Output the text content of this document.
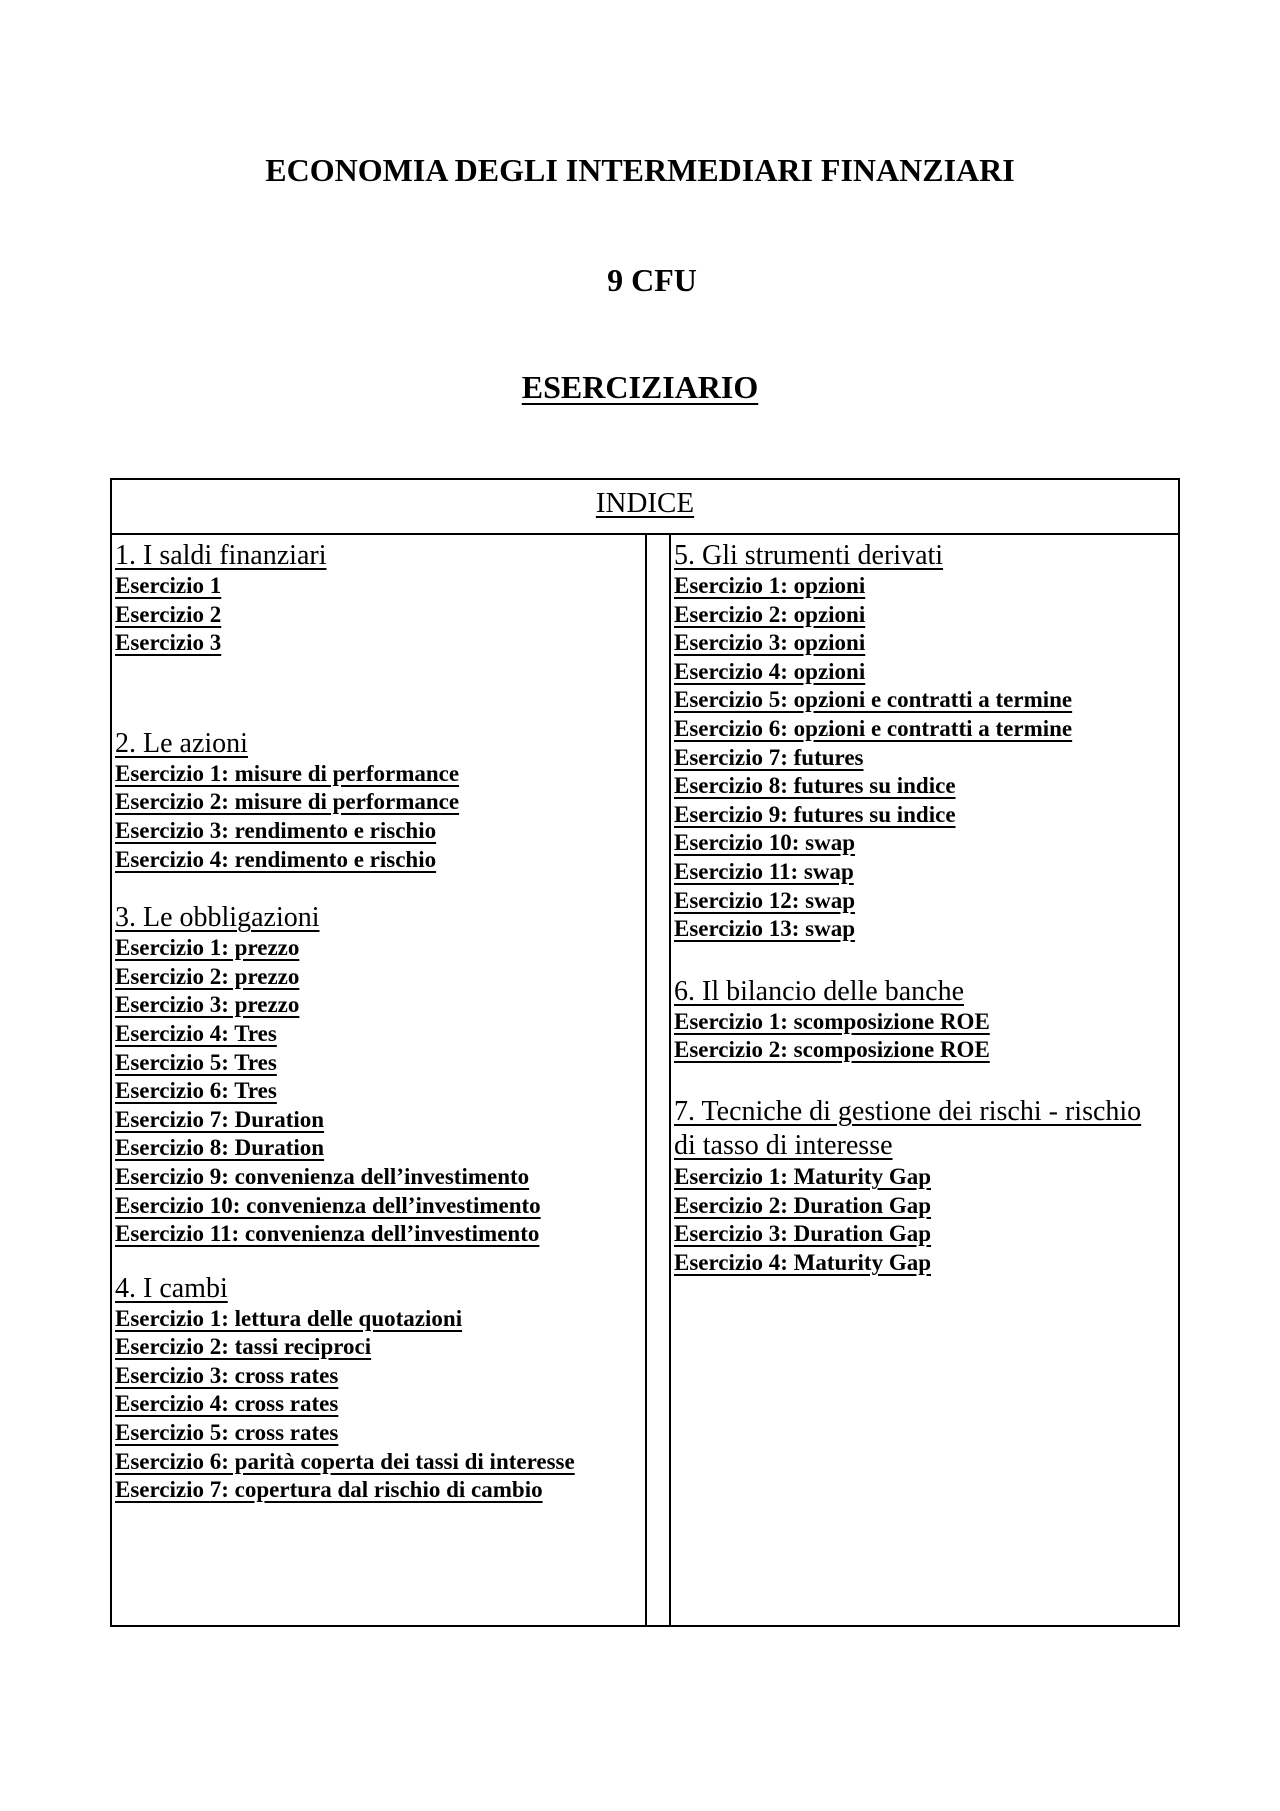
ECONOMIA DEGLI INTERMEDIARI FINANZIARI
9 CFU
ESERCIZIARIO
INDICE
1. I saldi finanziari
Esercizio 1
Esercizio 2
Esercizio 3
2. Le azioni
Esercizio 1: misure di performance
Esercizio 2: misure di performance
Esercizio 3: rendimento e rischio
Esercizio 4: rendimento e rischio
3. Le obbligazioni
Esercizio 1: prezzo
Esercizio 2: prezzo
Esercizio 3: prezzo
Esercizio 4: Tres
Esercizio 5: Tres
Esercizio 6: Tres
Esercizio 7: Duration
Esercizio 8: Duration
Esercizio 9: convenienza dell’investimento
Esercizio 10: convenienza dell’investimento
Esercizio 11: convenienza dell’investimento
4. I cambi
Esercizio 1: lettura delle quotazioni
Esercizio 2: tassi reciproci
Esercizio 3: cross rates
Esercizio 4: cross rates
Esercizio 5: cross rates
Esercizio 6: parità coperta dei tassi di interesse
Esercizio 7: copertura dal rischio di cambio
5. Gli strumenti derivati
Esercizio 1: opzioni
Esercizio 2: opzioni
Esercizio 3: opzioni
Esercizio 4: opzioni
Esercizio 5: opzioni e contratti a termine
Esercizio 6: opzioni e contratti a termine
Esercizio 7: futures
Esercizio 8: futures su indice
Esercizio 9: futures su indice
Esercizio 10: swap
Esercizio 11: swap
Esercizio 12: swap
Esercizio 13: swap
6. Il bilancio delle banche
Esercizio 1: scomposizione ROE
Esercizio 2: scomposizione ROE
7. Tecniche di gestione dei rischi - rischio di tasso di interesse
Esercizio 1: Maturity Gap
Esercizio 2: Duration Gap
Esercizio 3: Duration Gap
Esercizio 4: Maturity Gap
